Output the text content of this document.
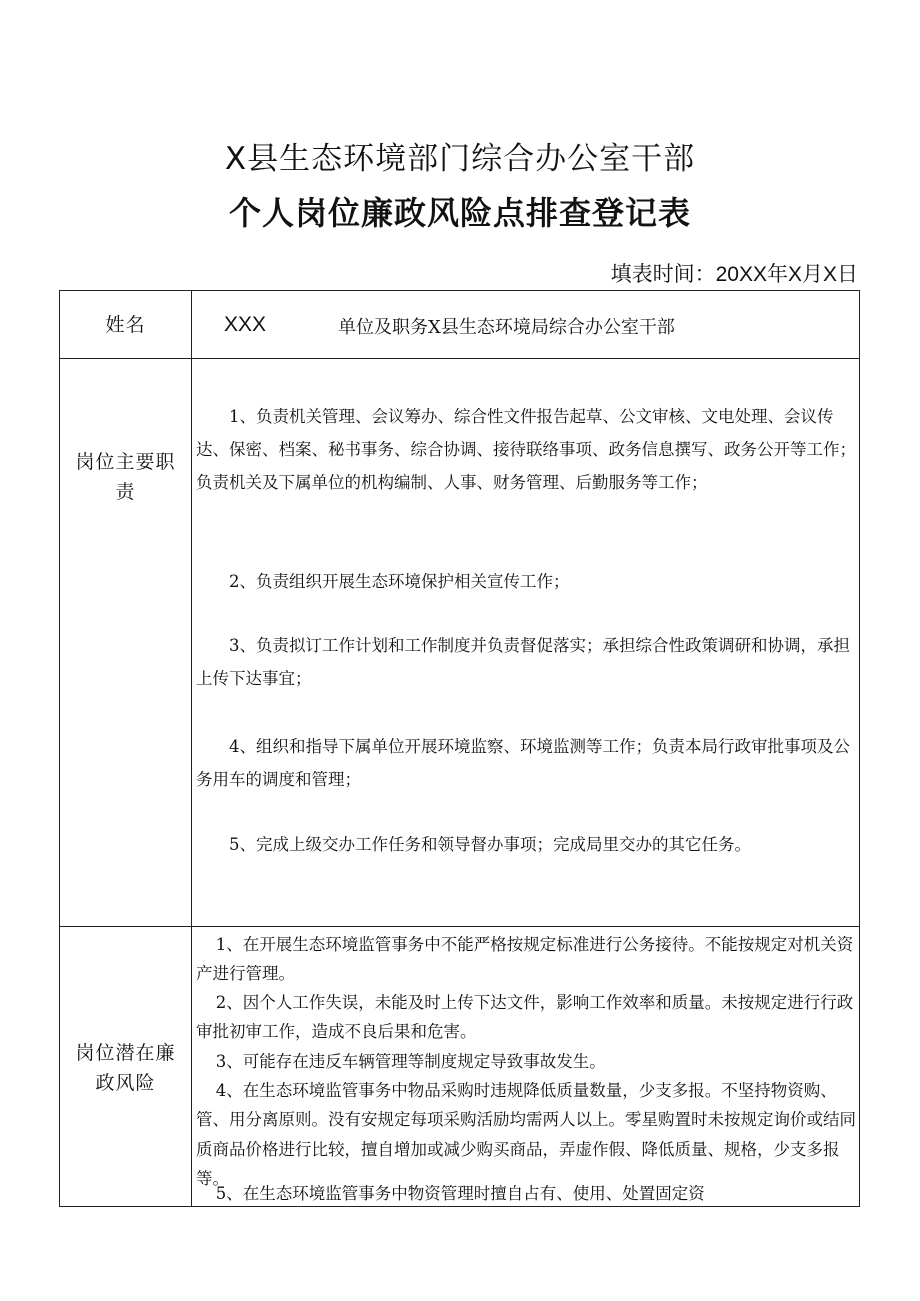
X县生态环境部门综合办公室干部
个人岗位廉政风险点排查登记表
填表时间：20XX年X月X日
姓名	XXX	单位及职务X县生态环境局综合办公室干部
岗位主要职责

1、负责机关管理、会议筹办、综合性文件报告起草、公文审核、文电处理、会议传达、保密、档案、秘书事务、综合协调、接待联络事项、政务信息撰写、政务公开等工作；负责机关及下属单位的机构编制、人事、财务管理、后勤服务等工作；

2、负责组织开展生态环境保护相关宣传工作；

3、负责拟订工作计划和工作制度并负责督促落实；承担综合性政策调研和协调，承担上传下达事宜；

4、组织和指导下属单位开展环境监察、环境监测等工作；负责本局行政审批事项及公务用车的调度和管理；

5、完成上级交办工作任务和领导督办事项；完成局里交办的其它任务。

岗位潜在廉政风险

1、在开展生态环境监管事务中不能严格按规定标准进行公务接待。不能按规定对机关资产进行管理。

2、因个人工作失误，未能及时上传下达文件，影响工作效率和质量。未按规定进行行政审批初审工作，造成不良后果和危害。

3、可能存在违反车辆管理等制度规定导致事故发生。

4、在生态环境监管事务中物品采购时违规降低质量数量，少支多报。不坚持物资购、管、用分离原则。没有安规定每项采购活励均需两人以上。零星购置时未按规定询价或结同质商品价格进行比较，擅自增加或减少购买商品，弄虚作假、降低质量、规格，少支多报等。

5、在生态环境监管事务中物资管理时擅自占有、使用、处置固定资
